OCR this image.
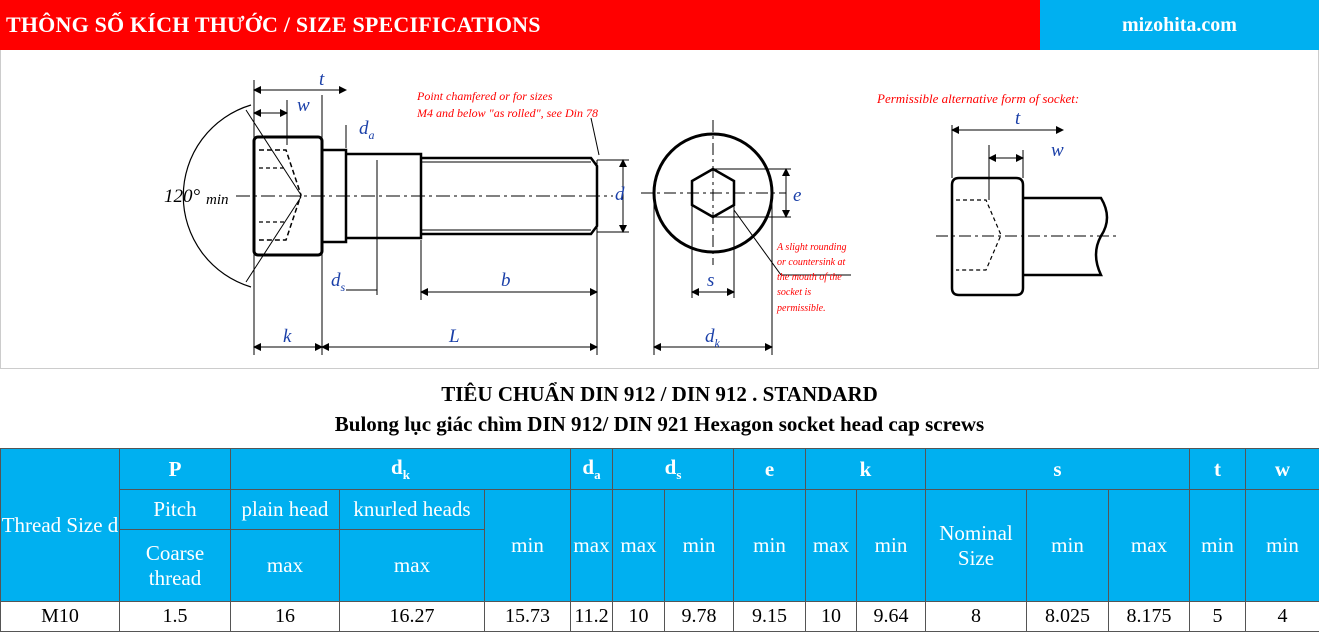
THÔNG SỐ KÍCH THƯỚC / SIZE SPECIFICATIONS	mizohita.com
t
w
$d_a$
$d_s$	b
k	L
d	e
s
$d_k$
t
w
120° min
Point chamfered or for sizes
M4 and below "as rolled", see Din 78
Permissible alternative form of socket:
A slight rounding
or countersink at
the mouth of the
socket is
permissible.
TIÊU CHUẨN DIN 912 / DIN 912 . STANDARD
Bulong lục giác chìm DIN 912/ DIN 921 Hexagon socket head cap screws
Thread Size d	P	$d_k$			$d_a$	$d_s$		e	k		s			t	w
	Pitch	plain head	knurled heads	min	max	max	min	min	max	min	Nominal Size	min	max	min	min
	Coarse thread	max	max												
M10	1.5	16	16.27	15.73	11.2	10	9.78	9.15	10	9.64	8	8.025	8.175	5	4
